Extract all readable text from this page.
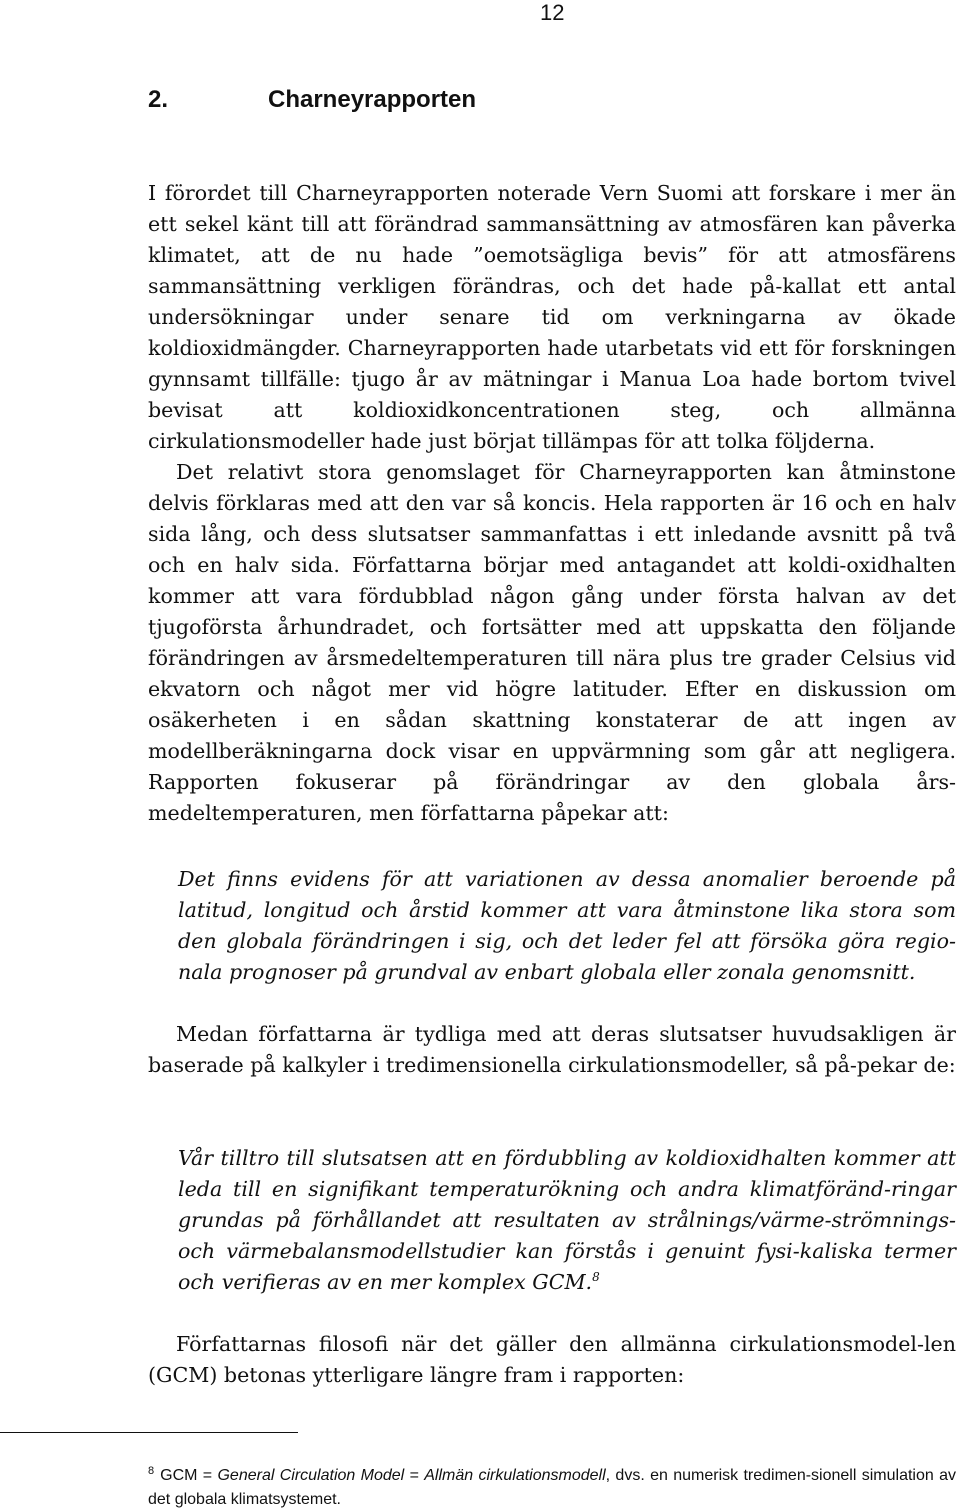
12
2.	Charneyrapporten

I förordet till Charneyrapporten noterade Vern Suomi att forskare i mer än ett sekel känt till att förändrad sammansättning av atmosfären kan påverka klimatet, att de nu hade ”oemotsägliga bevis” för att atmosfärens sammansättning verkligen förändras, och det hade på-kallat ett antal undersökningar under senare tid om verkningarna av ökade koldioxidmängder. Charneyrapporten hade utarbetats vid ett för forskningen gynnsamt tillfälle: tjugo år av mätningar i Manua Loa hade bortom tvivel bevisat att koldioxidkoncentrationen steg, och allmänna cirkulationsmodeller hade just börjat tillämpas för att tolka följderna.

Det relativt stora genomslaget för Charneyrapporten kan åtminstone delvis förklaras med att den var så koncis. Hela rapporten är 16 och en halv sida lång, och dess slutsatser sammanfattas i ett inledande avsnitt på två och en halv sida. Författarna börjar med antagandet att koldi-oxidhalten kommer att vara fördubblad någon gång under första halvan av det tjugoförsta århundradet, och fortsätter med att uppskatta den följande förändringen av årsmedeltemperaturen till nära plus tre grader Celsius vid ekvatorn och något mer vid högre latituder. Efter en diskussion om osäkerheten i en sådan skattning konstaterar de att ingen av modellberäkningarna dock visar en uppvärmning som går att negligera. Rapporten fokuserar på förändringar av den globala års-medeltemperaturen, men författarna påpekar att:

Det finns evidens för att variationen av dessa anomalier beroende på latitud, longitud och årstid kommer att vara åtminstone lika stora som den globala förändringen i sig, och det leder fel att försöka göra regio-nala prognoser på grundval av enbart globala eller zonala genomsnitt.

Medan författarna är tydliga med att deras slutsatser huvudsakligen är baserade på kalkyler i tredimensionella cirkulationsmodeller, så på-pekar de:

Vår tilltro till slutsatsen att en fördubbling av koldioxidhalten kommer att leda till en signifikant temperaturökning och andra klimatföränd-ringar grundas på förhållandet att resultaten av strålnings/värme-strömnings- och värmebalansmodellstudier kan förstås i genuint fysi-kaliska termer och verifieras av en mer komplex GCM.$^8$

Författarnas filosofi när det gäller den allmänna cirkulationsmodel-len (GCM) betonas ytterligare längre fram i rapporten:

$^8$ GCM = General Circulation Model = Allmän cirkulationsmodell, dvs. en numerisk tredimen-sionell simulation av det globala klimatsystemet.
